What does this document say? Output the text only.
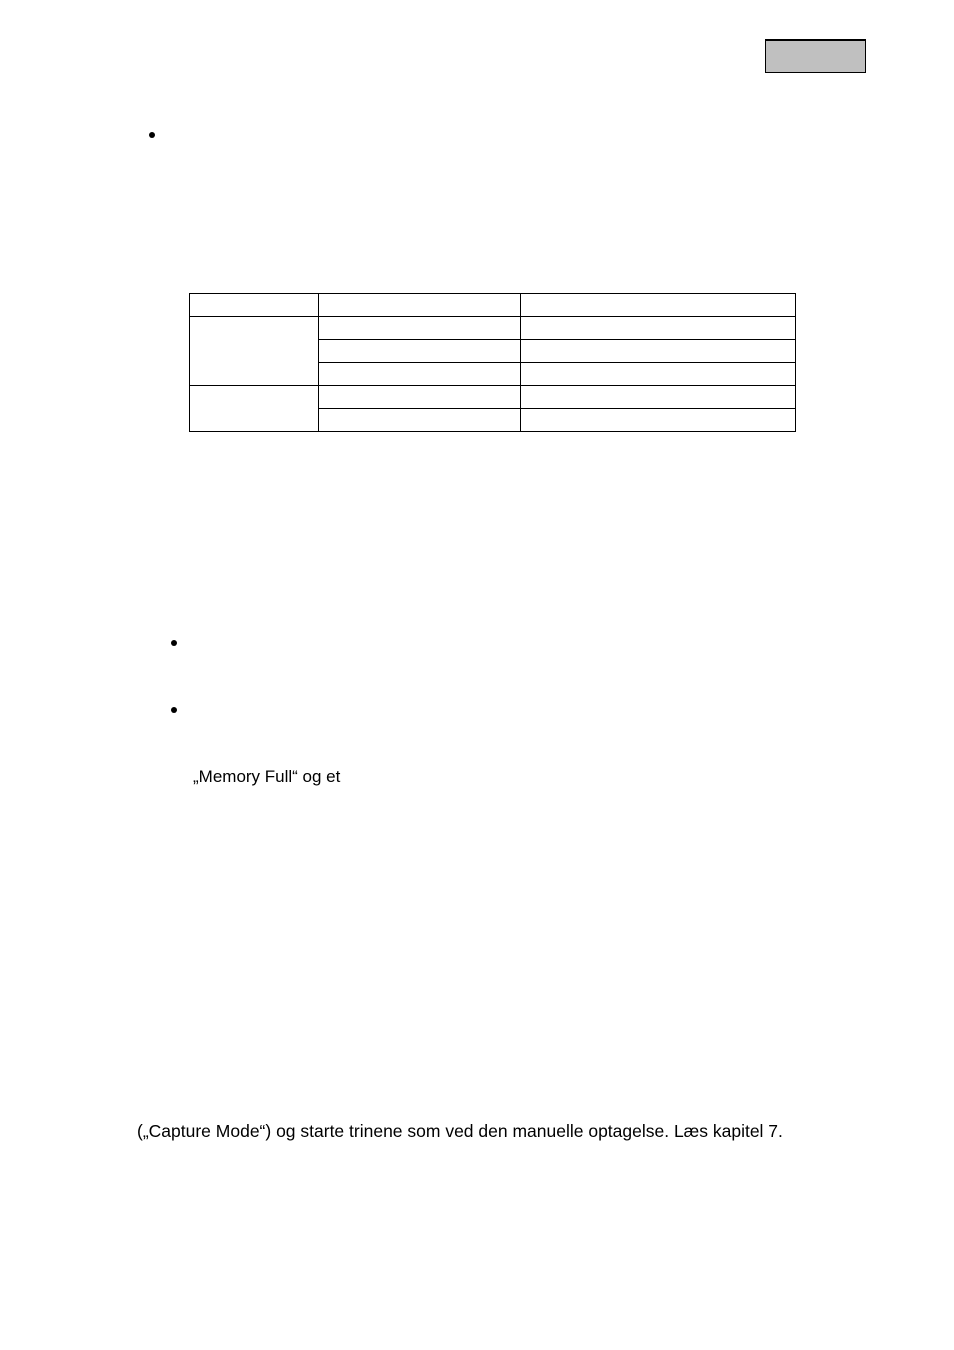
„Memory Full“ og et
(„Capture Mode“) og starte trinene som ved den manuelle optagelse. Læs kapitel 7.
